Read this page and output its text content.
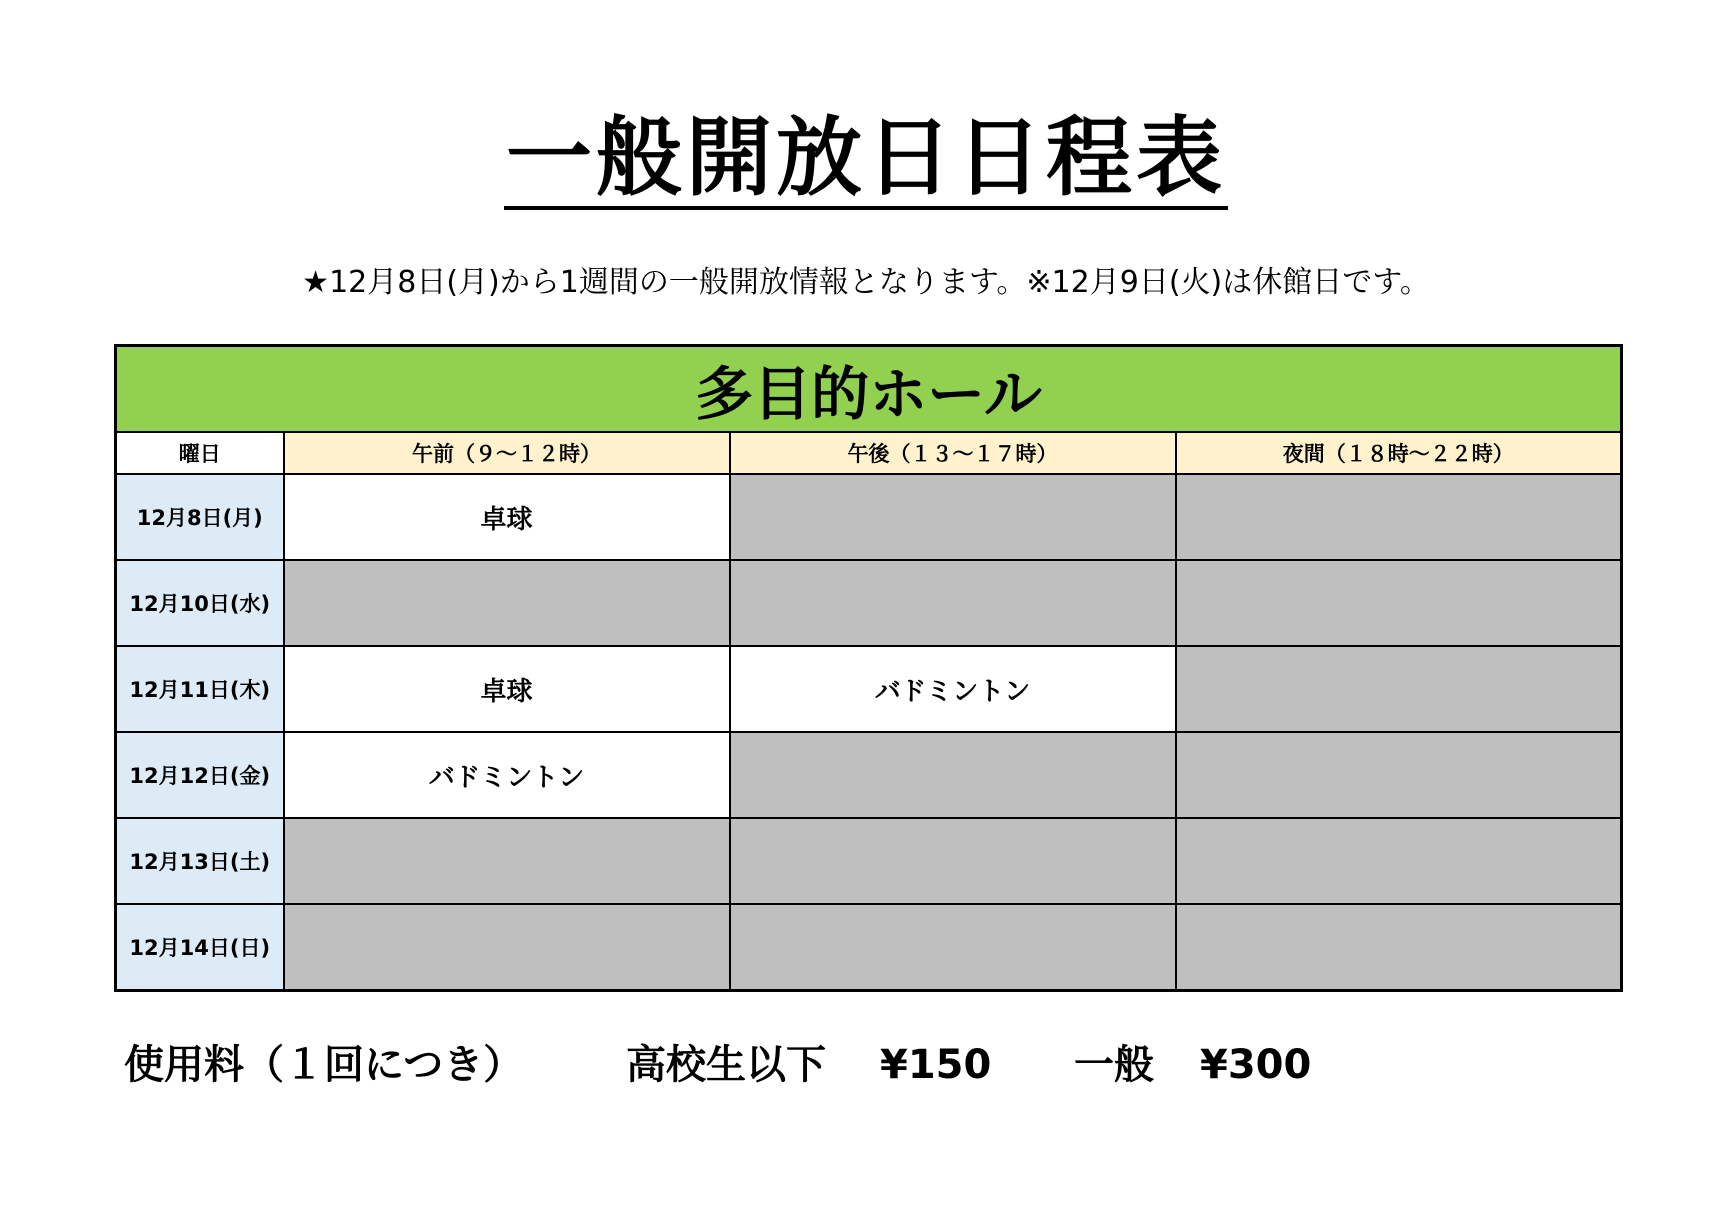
一般開放日日程表
★12月8日(月)から1週間の一般開放情報となります。※12月9日(火)は休館日です。
多目的ホール			
曜日	午前（９～１２時）	午後（１３～１７時）	夜間（１８時～２２時）
12月8日(月)	卓球		
12月10日(水)			
12月11日(木)	卓球	バドミントン	
12月12日(金)	バドミントン		
12月13日(土)			
12月14日(日)			
使用料（１回につき）	高校生以下 ¥150 一般 ¥300
